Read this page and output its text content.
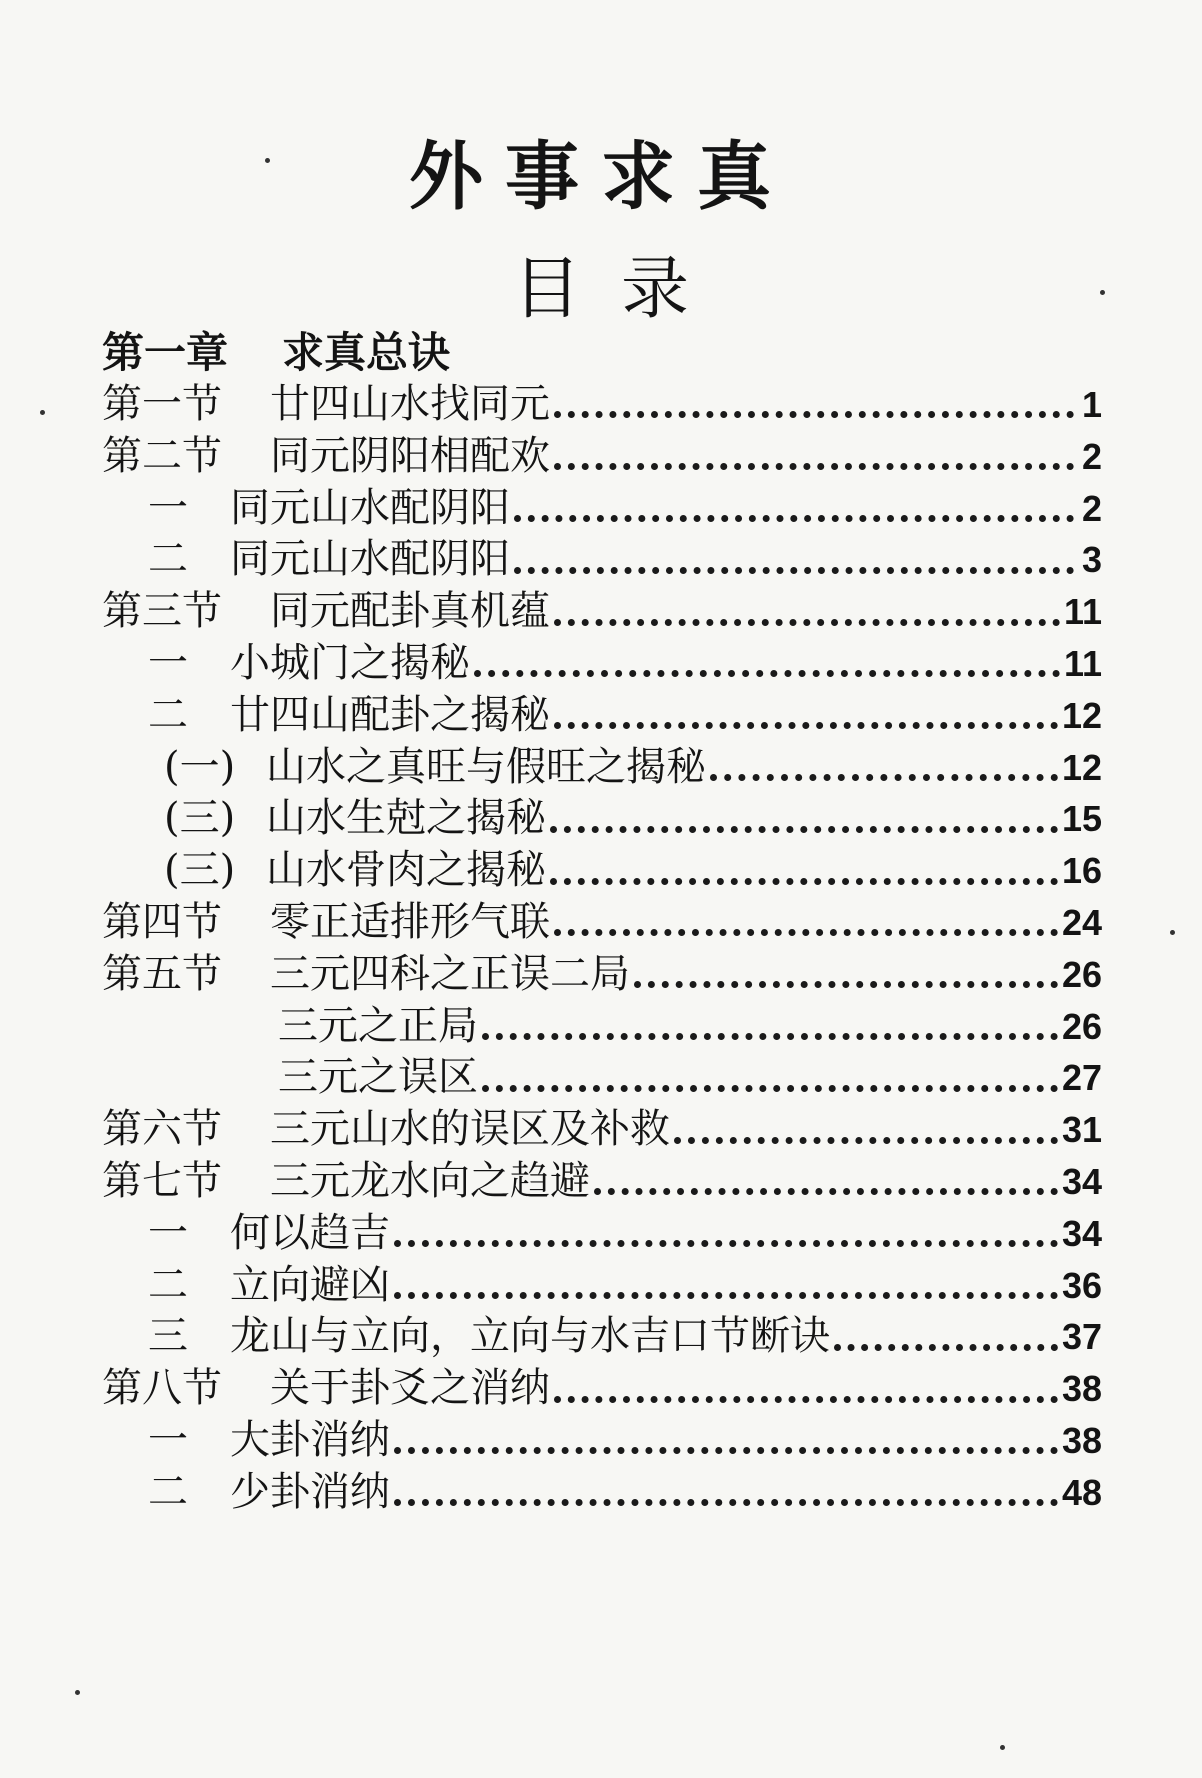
外事求真
目录
第一章 求真总诀
第一节	廿四山水找同元	1
第二节	同元阴阳相配欢	2
一	同元山水配阴阳	2
二	同元山水配阴阳	3
第三节	同元配卦真机蕴	11
一	小城门之揭秘	11
二	廿四山配卦之揭秘	12
(一) 山水之真旺与假旺之揭秘	12
(三) 山水生尅之揭秘	15
(三) 山水骨肉之揭秘	16
第四节	零正适排形气联	24
第五节	三元四科之正误二局	26
三元之正局	26
三元之误区	27
第六节	三元山水的误区及补救	31
第七节	三元龙水向之趋避	34
一	何以趋吉	34
二	立向避凶	36
三	龙山与立向，立向与水吉口节断诀	37
第八节	关于卦爻之消纳	38
一	大卦消纳	38
二	少卦消纳	48
